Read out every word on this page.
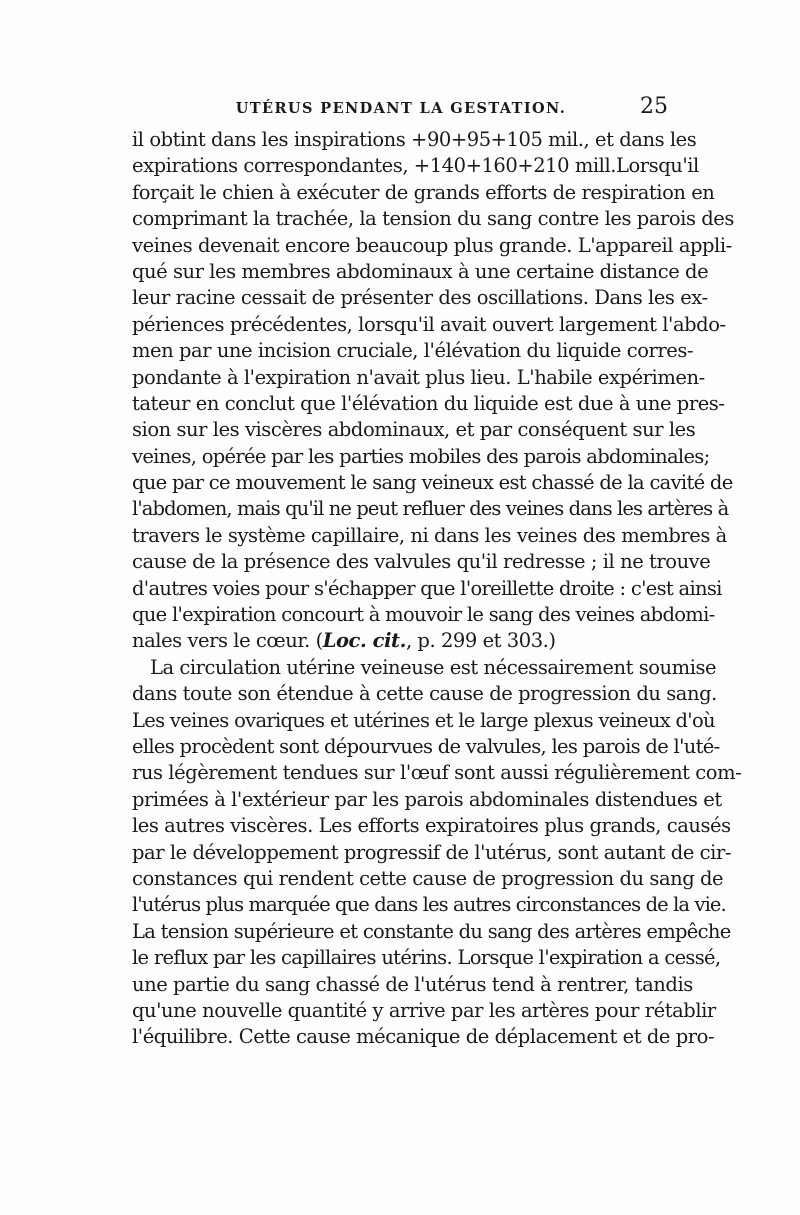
UTÉRUS PENDANT LA GESTATION.	25
il obtint dans les inspirations +90+95+105 mil., et dans les
expirations correspondantes, +140+160+210 mill.Lorsqu'il
forçait le chien à exécuter de grands efforts de respiration en
comprimant la trachée, la tension du sang contre les parois des
veines devenait encore beaucoup plus grande. L'appareil appli-
qué sur les membres abdominaux à une certaine distance de
leur racine cessait de présenter des oscillations. Dans les ex-
périences précédentes, lorsqu'il avait ouvert largement l'abdo-
men par une incision cruciale, l'élévation du liquide corres-
pondante à l'expiration n'avait plus lieu. L'habile expérimen-
tateur en conclut que l'élévation du liquide est due à une pres-
sion sur les viscères abdominaux, et par conséquent sur les
veines, opérée par les parties mobiles des parois abdominales;
que par ce mouvement le sang veineux est chassé de la cavité de
l'abdomen, mais qu'il ne peut refluer des veines dans les artères à
travers le système capillaire, ni dans les veines des membres à
cause de la présence des valvules qu'il redresse ; il ne trouve
d'autres voies pour s'échapper que l'oreillette droite : c'est ainsi
que l'expiration concourt à mouvoir le sang des veines abdomi-
nales vers le cœur. (Loc. cit., p. 299 et 303.)
La circulation utérine veineuse est nécessairement soumise
dans toute son étendue à cette cause de progression du sang.
Les veines ovariques et utérines et le large plexus veineux d'où
elles procèdent sont dépourvues de valvules, les parois de l'uté-
rus légèrement tendues sur l'œuf sont aussi régulièrement com-
primées à l'extérieur par les parois abdominales distendues et
les autres viscères. Les efforts expiratoires plus grands, causés
par le développement progressif de l'utérus, sont autant de cir-
constances qui rendent cette cause de progression du sang de
l'utérus plus marquée que dans les autres circonstances de la vie.
La tension supérieure et constante du sang des artères empêche
le reflux par les capillaires utérins. Lorsque l'expiration a cessé,
une partie du sang chassé de l'utérus tend à rentrer, tandis
qu'une nouvelle quantité y arrive par les artères pour rétablir
l'équilibre. Cette cause mécanique de déplacement et de pro-
